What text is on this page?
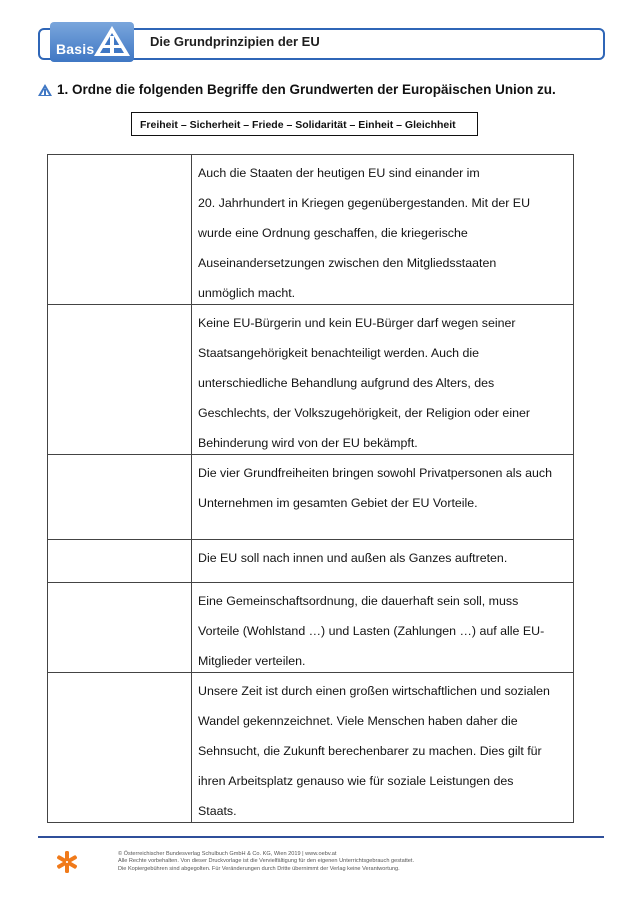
Basis	Die Grundprinzipien der EU
1. Ordne die folgenden Begriffe den Grundwerten der Europäischen Union zu.
Freiheit – Sicherheit – Friede – Solidarität – Einheit – Gleichheit
Auch die Staaten der heutigen EU sind einander im
20. Jahrhundert in Kriegen gegenübergestanden. Mit der EU
wurde eine Ordnung geschaffen, die kriegerische
Auseinandersetzungen zwischen den Mitgliedsstaaten
unmöglich macht.
Keine EU-Bürgerin und kein EU-Bürger darf wegen seiner
Staatsangehörigkeit benachteiligt werden. Auch die
unterschiedliche Behandlung aufgrund des Alters, des
Geschlechts, der Volkszugehörigkeit, der Religion oder einer
Behinderung wird von der EU bekämpft.
Die vier Grundfreiheiten bringen sowohl Privatpersonen als auch
Unternehmen im gesamten Gebiet der EU Vorteile.
Die EU soll nach innen und außen als Ganzes auftreten.
Eine Gemeinschaftsordnung, die dauerhaft sein soll, muss
Vorteile (Wohlstand …) und Lasten (Zahlungen …) auf alle EU-
Mitglieder verteilen.
Unsere Zeit ist durch einen großen wirtschaftlichen und sozialen
Wandel gekennzeichnet. Viele Menschen haben daher die
Sehnsucht, die Zukunft berechenbarer zu machen. Dies gilt für
ihren Arbeitsplatz genauso wie für soziale Leistungen des
Staats.
© Österreichischer Bundesverlag Schulbuch GmbH & Co. KG, Wien 2019 | www.oebv.at
Alle Rechte vorbehalten. Von dieser Druckvorlage ist die Vervielfältigung für den eigenen Unterrichtsgebrauch gestattet.
Die Kopiergebühren sind abgegolten. Für Veränderungen durch Dritte übernimmt der Verlag keine Verantwortung.
